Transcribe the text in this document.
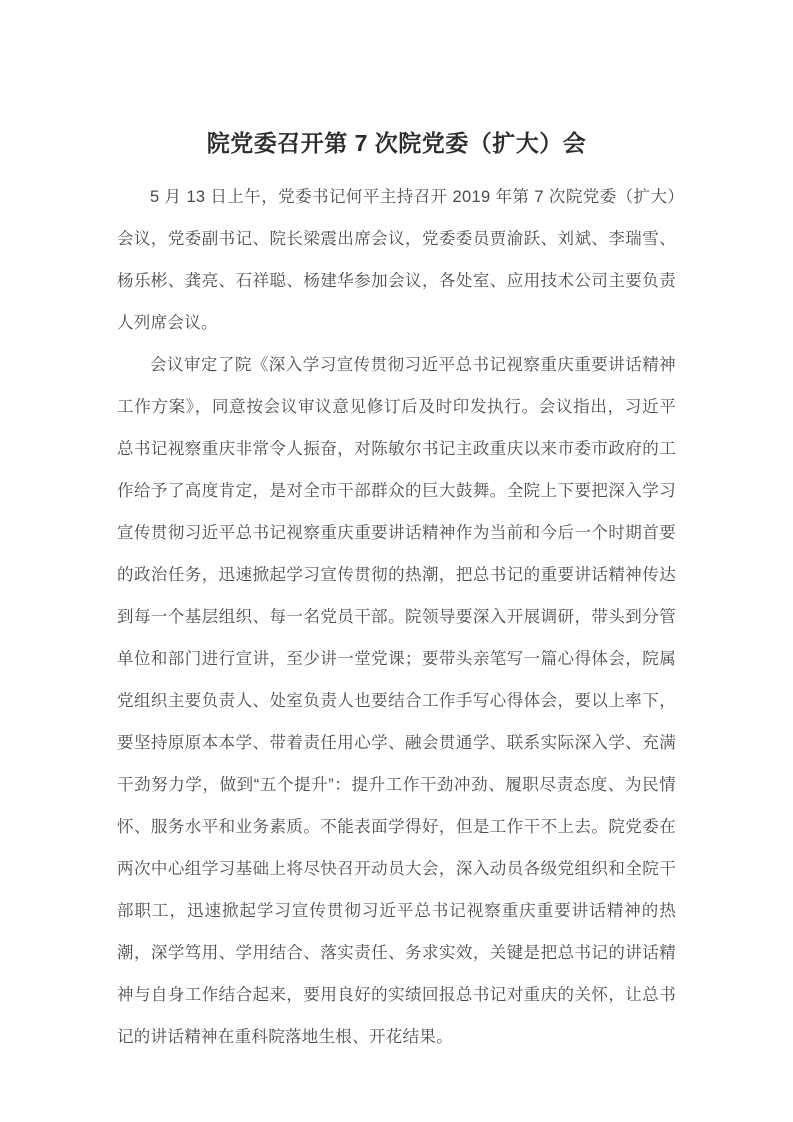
院党委召开第 7 次院党委（扩大）会

5 月 13 日上午，党委书记何平主持召开 2019 年第 7 次院党委（扩大）会议，党委副书记、院长梁震出席会议，党委委员贾渝跃、刘斌、李瑞雪、杨乐彬、龚亮、石祥聪、杨建华参加会议，各处室、应用技术公司主要负责人列席会议。

会议审定了院《深入学习宣传贯彻习近平总书记视察重庆重要讲话精神工作方案》，同意按会议审议意见修订后及时印发执行。会议指出，习近平总书记视察重庆非常令人振奋，对陈敏尔书记主政重庆以来市委市政府的工作给予了高度肯定，是对全市干部群众的巨大鼓舞。全院上下要把深入学习宣传贯彻习近平总书记视察重庆重要讲话精神作为当前和今后一个时期首要的政治任务，迅速掀起学习宣传贯彻的热潮，把总书记的重要讲话精神传达到每一个基层组织、每一名党员干部。院领导要深入开展调研，带头到分管单位和部门进行宣讲，至少讲一堂党课；要带头亲笔写一篇心得体会，院属党组织主要负责人、处室负责人也要结合工作手写心得体会，要以上率下，要坚持原原本本学、带着责任用心学、融会贯通学、联系实际深入学、充满干劲努力学，做到“五个提升”：提升工作干劲冲劲、履职尽责态度、为民情怀、服务水平和业务素质。不能表面学得好，但是工作干不上去。院党委在两次中心组学习基础上将尽快召开动员大会，深入动员各级党组织和全院干部职工，迅速掀起学习宣传贯彻习近平总书记视察重庆重要讲话精神的热潮，深学笃用、学用结合、落实责任、务求实效，关键是把总书记的讲话精神与自身工作结合起来，要用良好的实绩回报总书记对重庆的关怀，让总书记的讲话精神在重科院落地生根、开花结果。
